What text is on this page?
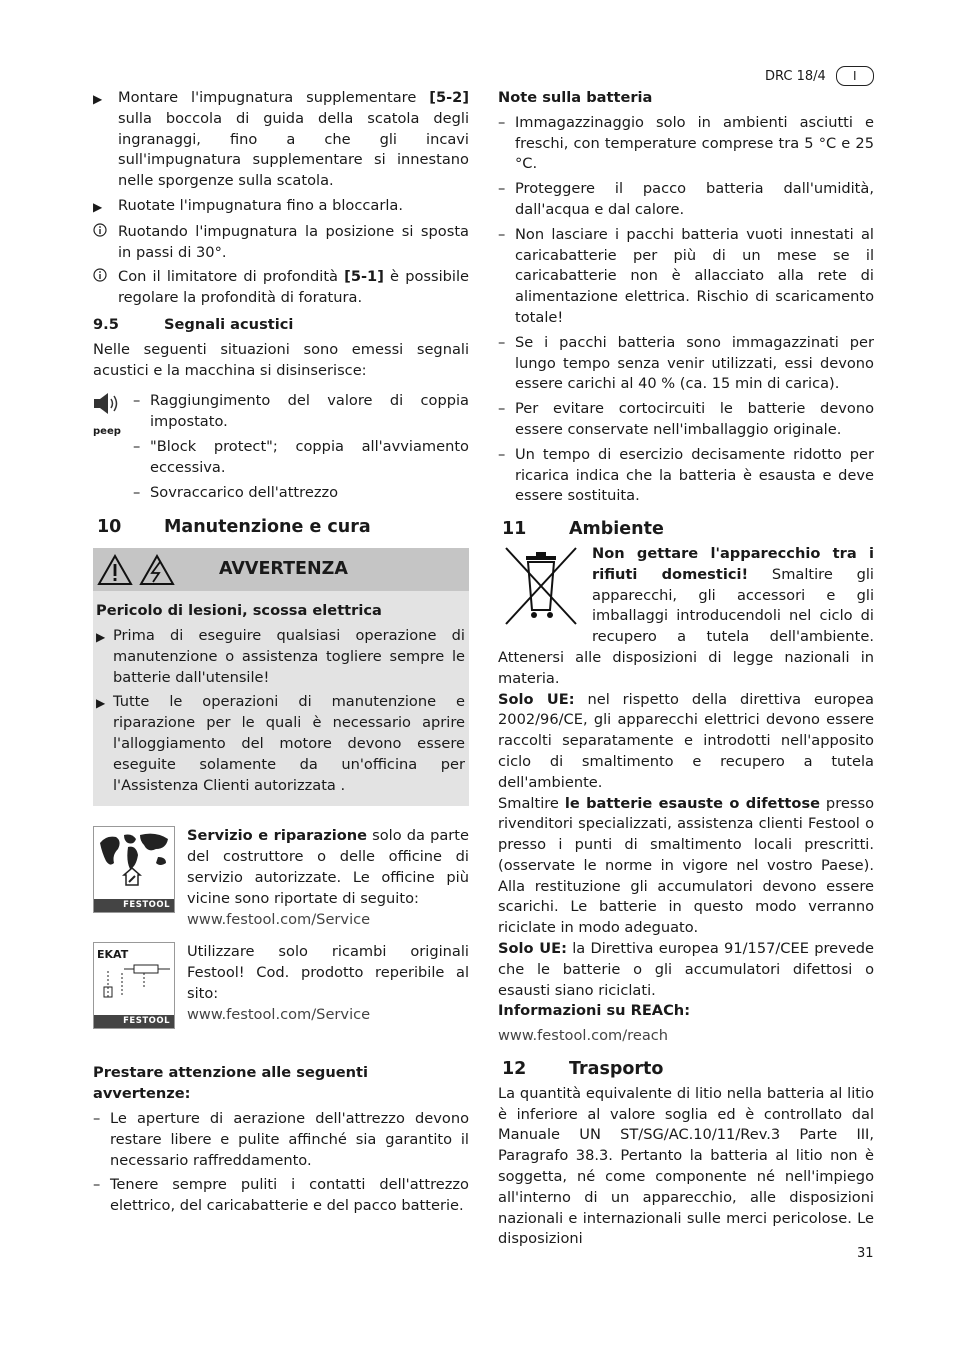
DRC 18/4	I
▶	Montare l'impugnatura supplementare [5-2] sulla boccola di guida della scatola degli ingranaggi, fino a che gli incavi sull'impugnatura supplementare si innestano nelle sporgenze sulla scatola.
▶	Ruotate l'impugnatura fino a bloccarla.
Ruotando l'impugnatura la posizione si sposta in passi di 30°.
Con il limitatore di profondità [5-1] è possibile regolare la profondità di foratura.
9.5	Segnali acustici

Nelle seguenti situazioni sono emessi segnali acustici e la macchina si disinserisce:

peep
– Raggiungimento del valore di coppia impostato.
– "Block protect"; coppia all'avviamento eccessiva.
– Sovraccarico dell'attrezzo
10	Manutenzione e cura
AVVERTENZA
Pericolo di lesioni, scossa elettrica
▶ Prima di eseguire qualsiasi operazione di manutenzione o assistenza togliere sempre le batterie dall'utensile!
▶ Tutte le operazioni di manutenzione e riparazione per le quali è necessario aprire l'alloggiamento del motore devono essere eseguite solamente da un'officina per l'Assistenza Clienti autorizzata .
FESTOOL

Servizio e riparazione solo da parte del costruttore o delle officine di servizio autorizzate. Le officine più vicine sono riportate di seguito:

www.festool.com/Service

EKAT
FESTOOL

Utilizzare solo ricambi originali Festool! Cod. prodotto reperibile al sito:

www.festool.com/Service

Prestare attenzione alle seguenti avvertenze:
– Le aperture di aerazione dell'attrezzo devono restare libere e pulite affinché sia garantito il necessario raffreddamento.
– Tenere sempre puliti i contatti dell'attrezzo elettrico, del caricabatterie e del pacco batterie.
Note sulla batteria
– Immagazzinaggio solo in ambienti asciutti e freschi, con temperature comprese tra 5 °C e 25 °C.
– Proteggere il pacco batteria dall'umidità, dall'acqua e dal calore.
– Non lasciare i pacchi batteria vuoti innestati al caricabatterie per più di un mese se il caricabatterie non è allacciato alla rete di alimentazione elettrica. Rischio di scaricamento totale!
– Se i pacchi batteria sono immagazzinati per lungo tempo senza venir utilizzati, essi devono essere carichi al 40 % (ca. 15 min di carica).
– Per evitare cortocircuiti le batterie devono essere conservate nell'imballaggio originale.
– Un tempo di esercizio decisamente ridotto per ricarica indica che la batteria è esausta e deve essere sostituita.
11	Ambiente

Non gettare l'apparecchio tra i rifiuti domestici! Smaltire gli apparecchi, gli accessori e gli imballaggi introducendoli nel ciclo di recupero a tutela dell'ambiente. Attenersi alle disposizioni di legge nazionali in materia.

Solo UE: nel rispetto della direttiva europea 2002/96/CE, gli apparecchi elettrici devono essere raccolti separatamente e introdotti nell'apposito ciclo di smaltimento e recupero a tutela dell'ambiente.

Smaltire le batterie esauste o difettose presso rivenditori specializzati, assistenza clienti Festool o presso i punti di smaltimento locali prescritti. (osservate le norme in vigore nel vostro Paese). Alla restituzione gli accumulatori devono essere scarichi. Le batterie in questo modo verranno riciclate in modo adeguato.

Solo UE: la Direttiva europea 91/157/CEE prevede che le batterie o gli accumulatori difettosi o esausti siano riciclati.

Informazioni su REACh:

www.festool.com/reach

12	Trasporto

La quantità equivalente di litio nella batteria al litio è inferiore al valore soglia ed è controllato dal Manuale UN ST/SG/AC.10/11/Rev.3 Parte III, Paragrafo 38.3. Pertanto la batteria al litio non è soggetta, né come componente né nell'impiego all'interno di un apparecchio, alle disposizioni nazionali e internazionali sulle merci pericolose. Le disposizioni

31
